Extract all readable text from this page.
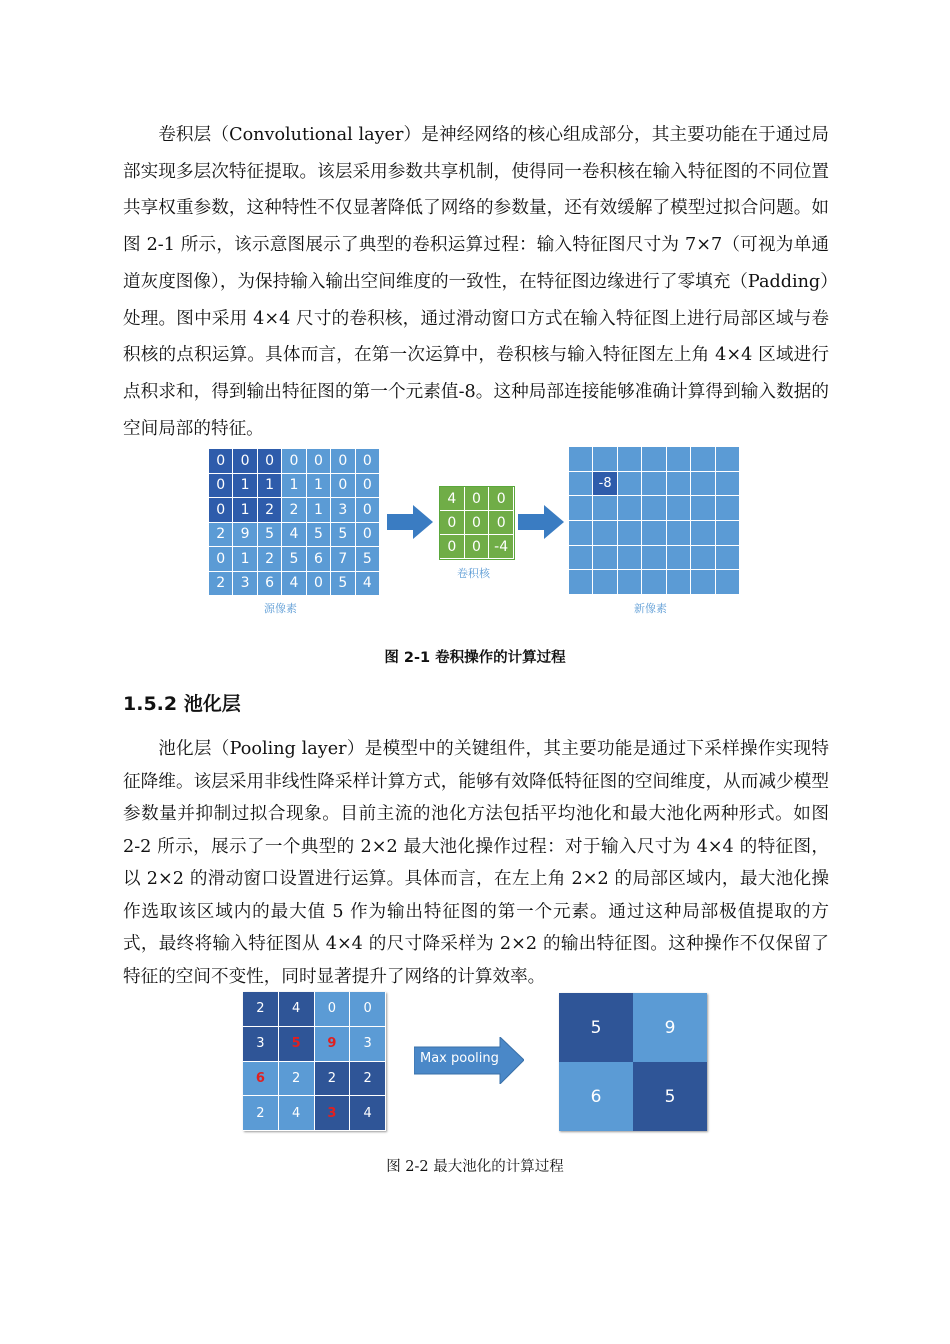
卷积层（Convolutional layer）是神经网络的核心组成部分，其主要功能在于通过局部实现多层次特征提取。该层采用参数共享机制，使得同一卷积核在输入特征图的不同位置共享权重参数，这种特性不仅显著降低了网络的参数量，还有效缓解了模型过拟合问题。如图 2-1 所示，该示意图展示了典型的卷积运算过程：输入特征图尺寸为 7×7（可视为单通道灰度图像），为保持输入输出空间维度的一致性，在特征图边缘进行了零填充（Padding）处理。图中采用 4×4 尺寸的卷积核，通过滑动窗口方式在输入特征图上进行局部区域与卷积核的点积运算。具体而言，在第一次运算中，卷积核与输入特征图左上角 4×4 区域进行点积求和，得到输出特征图的第一个元素值-8。这种局部连接能够准确计算得到输入数据的空间局部的特征。

0	0	0	0	0	0	0
0	1	1	1	1	0	0
0	1	2	2	1	3	0
2	9	5	4	5	5	0
0	1	2	5	6	7	5
2	3	6	4	0	5	4
4	0	0
0	0	0
0	0 -4
-8
源像素
卷积核
新像素
图 2-1 卷积操作的计算过程
1.5.2 池化层

池化层（Pooling layer）是模型中的关键组件，其主要功能是通过下采样操作实现特征降维。该层采用非线性降采样计算方式，能够有效降低特征图的空间维度，从而减少模型参数量并抑制过拟合现象。目前主流的池化方法包括平均池化和最大池化两种形式。如图 2-2 所示，展示了一个典型的 2×2 最大池化操作过程：对于输入尺寸为 4×4 的特征图，以 2×2 的滑动窗口设置进行运算。具体而言，在左上角 2×2 的局部区域内，最大池化操作选取该区域内的最大值 5 作为输出特征图的第一个元素。通过这种局部极值提取的方式，最终将输入特征图从 4×4 的尺寸降采样为 2×2 的输出特征图。这种操作不仅保留了特征的空间不变性，同时显著提升了网络的计算效率。

2	4	0	0
3	5	9	3
6	2	2	2
2	4	3	4
Max pooling
5	9
6	5
图 2-2 最大池化的计算过程
